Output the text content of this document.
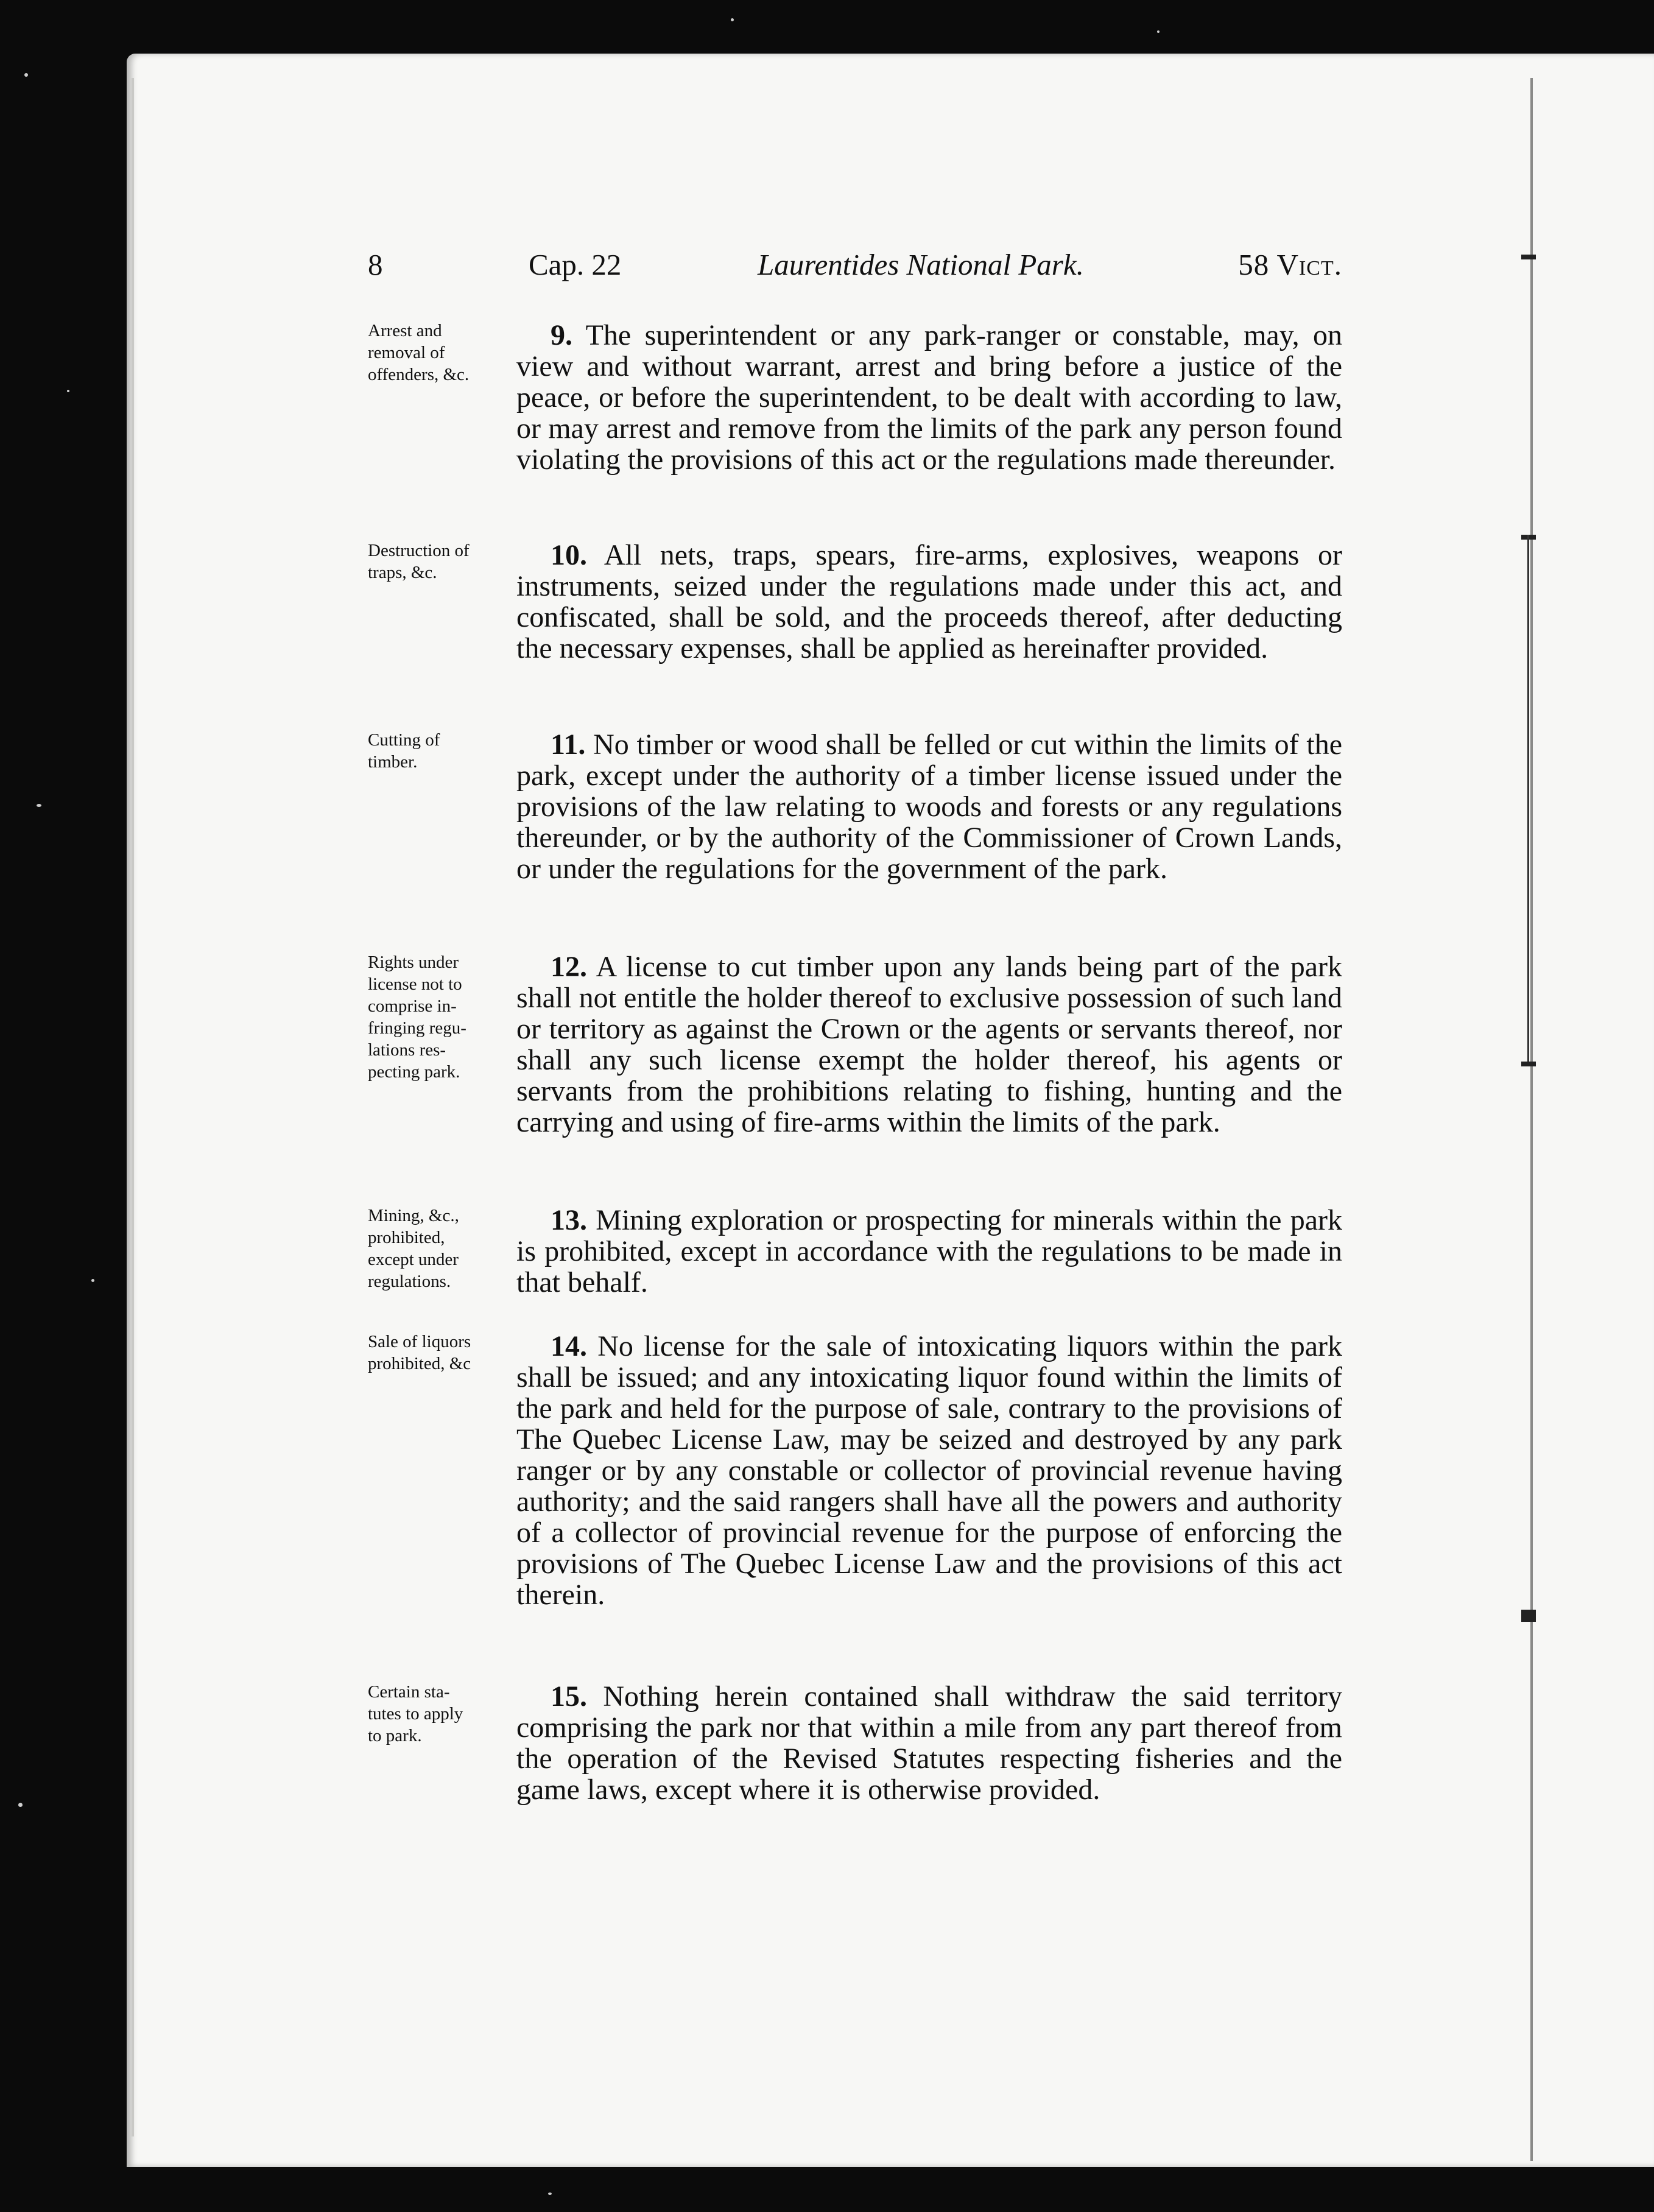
8	Cap. 22	Laurentides National Park.	58 Vict.
Arrest and
removal of
offenders, &c.
9. The superintendent or any park-ranger or constable, may, on view and without warrant, arrest and bring before a justice of the peace, or before the superintendent, to be dealt with according to law, or may arrest and remove from the limits of the park any person found violating the provisions of this act or the regulations made thereunder.
Destruction of
traps, &c.
10. All nets, traps, spears, fire-arms, explosives, weapons or instruments, seized under the regulations made under this act, and confiscated, shall be sold, and the proceeds thereof, after deducting the necessary expenses, shall be applied as hereinafter provided.
Cutting of
timber.
11. No timber or wood shall be felled or cut within the limits of the park, except under the authority of a timber license issued under the provisions of the law relating to woods and forests or any regulations thereunder, or by the authority of the Commissioner of Crown Lands, or under the regulations for the government of the park.
Rights under
license not to
comprise in-
fringing regu-
lations res-
pecting park.
12. A license to cut timber upon any lands being part of the park shall not entitle the holder thereof to exclusive possession of such land or territory as against the Crown or the agents or servants thereof, nor shall any such license exempt the holder thereof, his agents or servants from the prohibitions relating to fishing, hunting and the carrying and using of fire-arms within the limits of the park.
Mining, &c.,
prohibited,
except under
regulations.
13. Mining exploration or prospecting for minerals within the park is prohibited, except in accordance with the regulations to be made in that behalf.
Sale of liquors
prohibited, &c
14. No license for the sale of intoxicating liquors within the park shall be issued; and any intoxicating liquor found within the limits of the park and held for the purpose of sale, contrary to the provisions of The Quebec License Law, may be seized and destroyed by any park ranger or by any constable or collector of provincial revenue having authority; and the said rangers shall have all the powers and authority of a collector of provincial revenue for the purpose of enforcing the provisions of The Quebec License Law and the provisions of this act therein.
Certain sta-
tutes to apply
to park.
15. Nothing herein contained shall withdraw the said territory comprising the park nor that within a mile from any part thereof from the operation of the Revised Statutes respecting fisheries and the game laws, except where it is otherwise provided.
